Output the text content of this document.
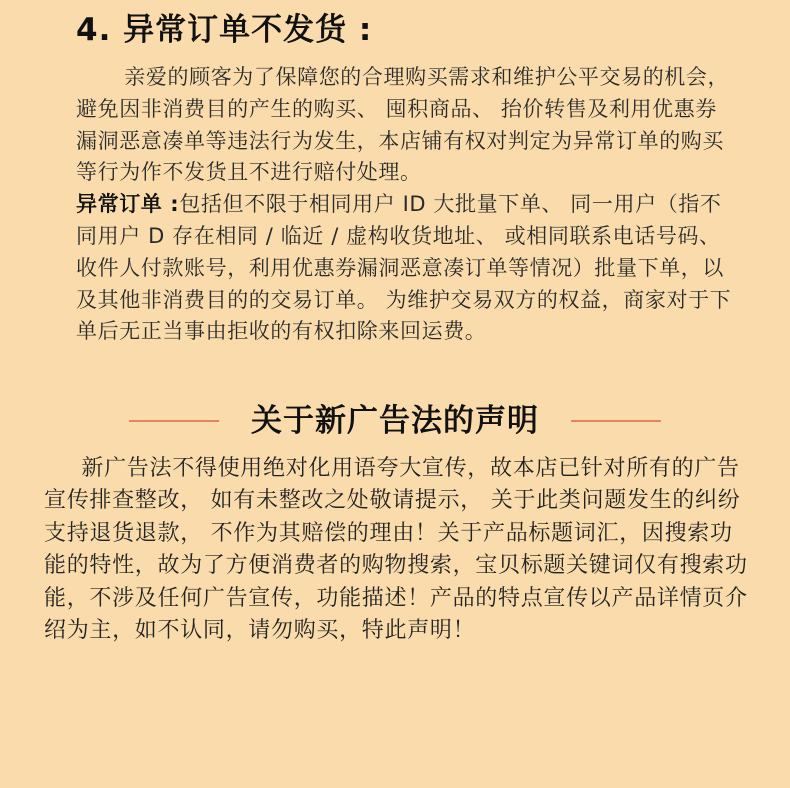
4. 异常订单不发货 :

亲爱的顾客为了保障您的合理购买需求和维护公平交易的机会，避免因非消费目的产生的购买、 囤积商品、 抬价转售及利用优惠券漏洞恶意凑单等违法行为发生，本店铺有权对判定为异常订单的购买等行为作不发货且不进行赔付处理。

异常订单 :包括但不限于相同用户 ID 大批量下单、 同一用户（指不同用户 D 存在相同 / 临近 / 虚构收货地址、 或相同联系电话号码、 收件人付款账号，利用优惠券漏洞恶意凑订单等情况）批量下单，以及其他非消费目的的交易订单。 为维护交易双方的权益，商家对于下单后无正当事由拒收的有权扣除来回运费。

关于新广告法的声明

新广告法不得使用绝对化用语夸大宣传，故本店已针对所有的广告宣传排查整改， 如有未整改之处敬请提示， 关于此类问题发生的纠纷支持退货退款， 不作为其赔偿的理由！关于产品标题词汇，因搜索功能的特性，故为了方便消费者的购物搜索，宝贝标题关键词仅有搜索功能，不涉及任何广告宣传，功能描述！产品的特点宣传以产品详情页介绍为主，如不认同，请勿购买，特此声明！
